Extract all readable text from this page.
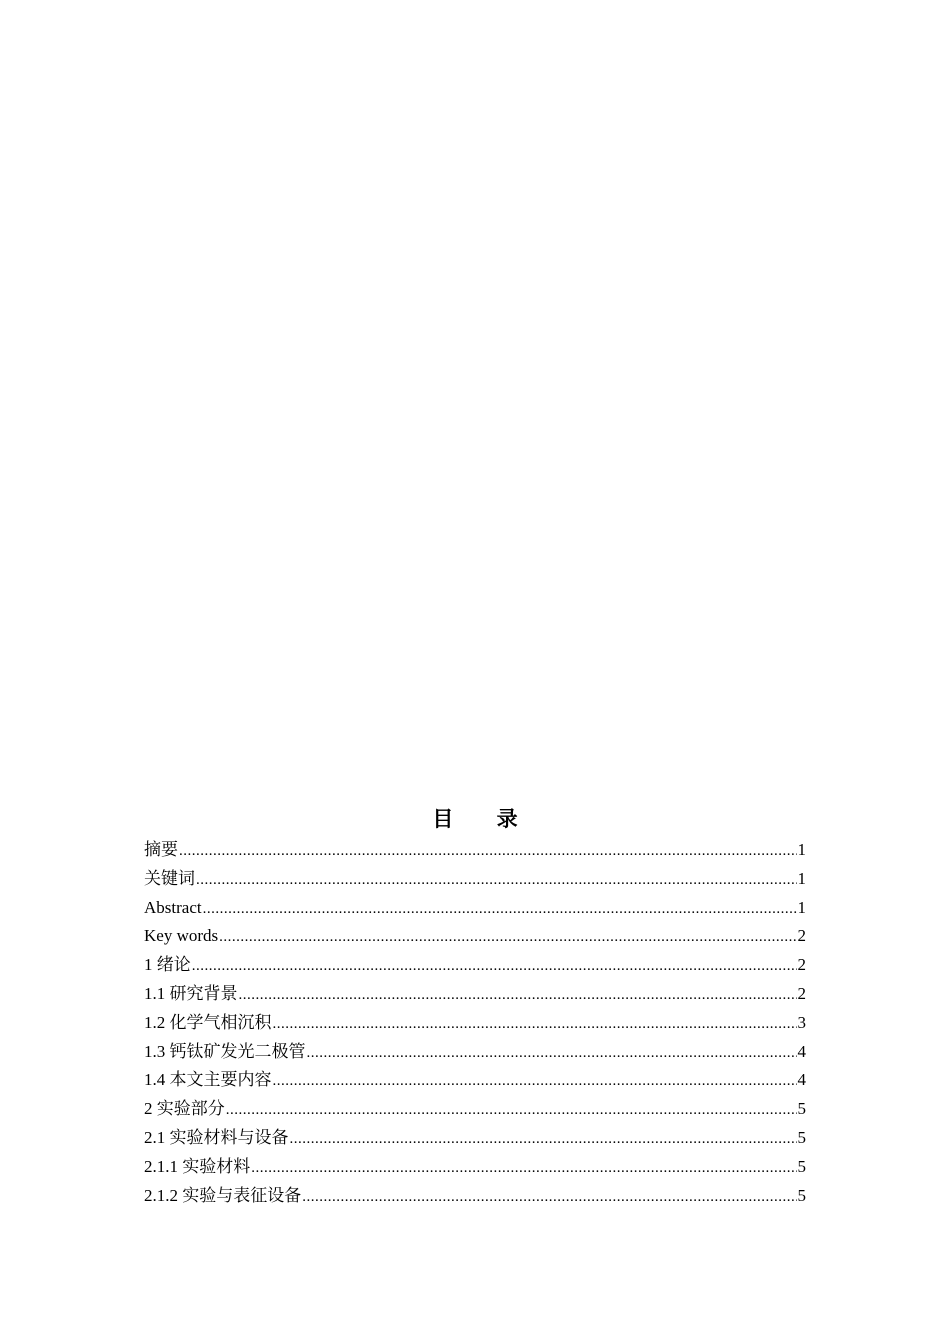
目 录
摘要 .....	1
关键词 .....	1
Abstract .....	1
Key words .....	2
1 绪论 .....	2
1.1 研究背景 .....	2
1.2 化学气相沉积 .....	3
1.3 钙钛矿发光二极管 .....	4
1.4 本文主要内容 .....	4
2 实验部分 .....	5
2.1 实验材料与设备 .....	5
2.1.1 实验材料 .....	5
2.1.2 实验与表征设备 .....	5
